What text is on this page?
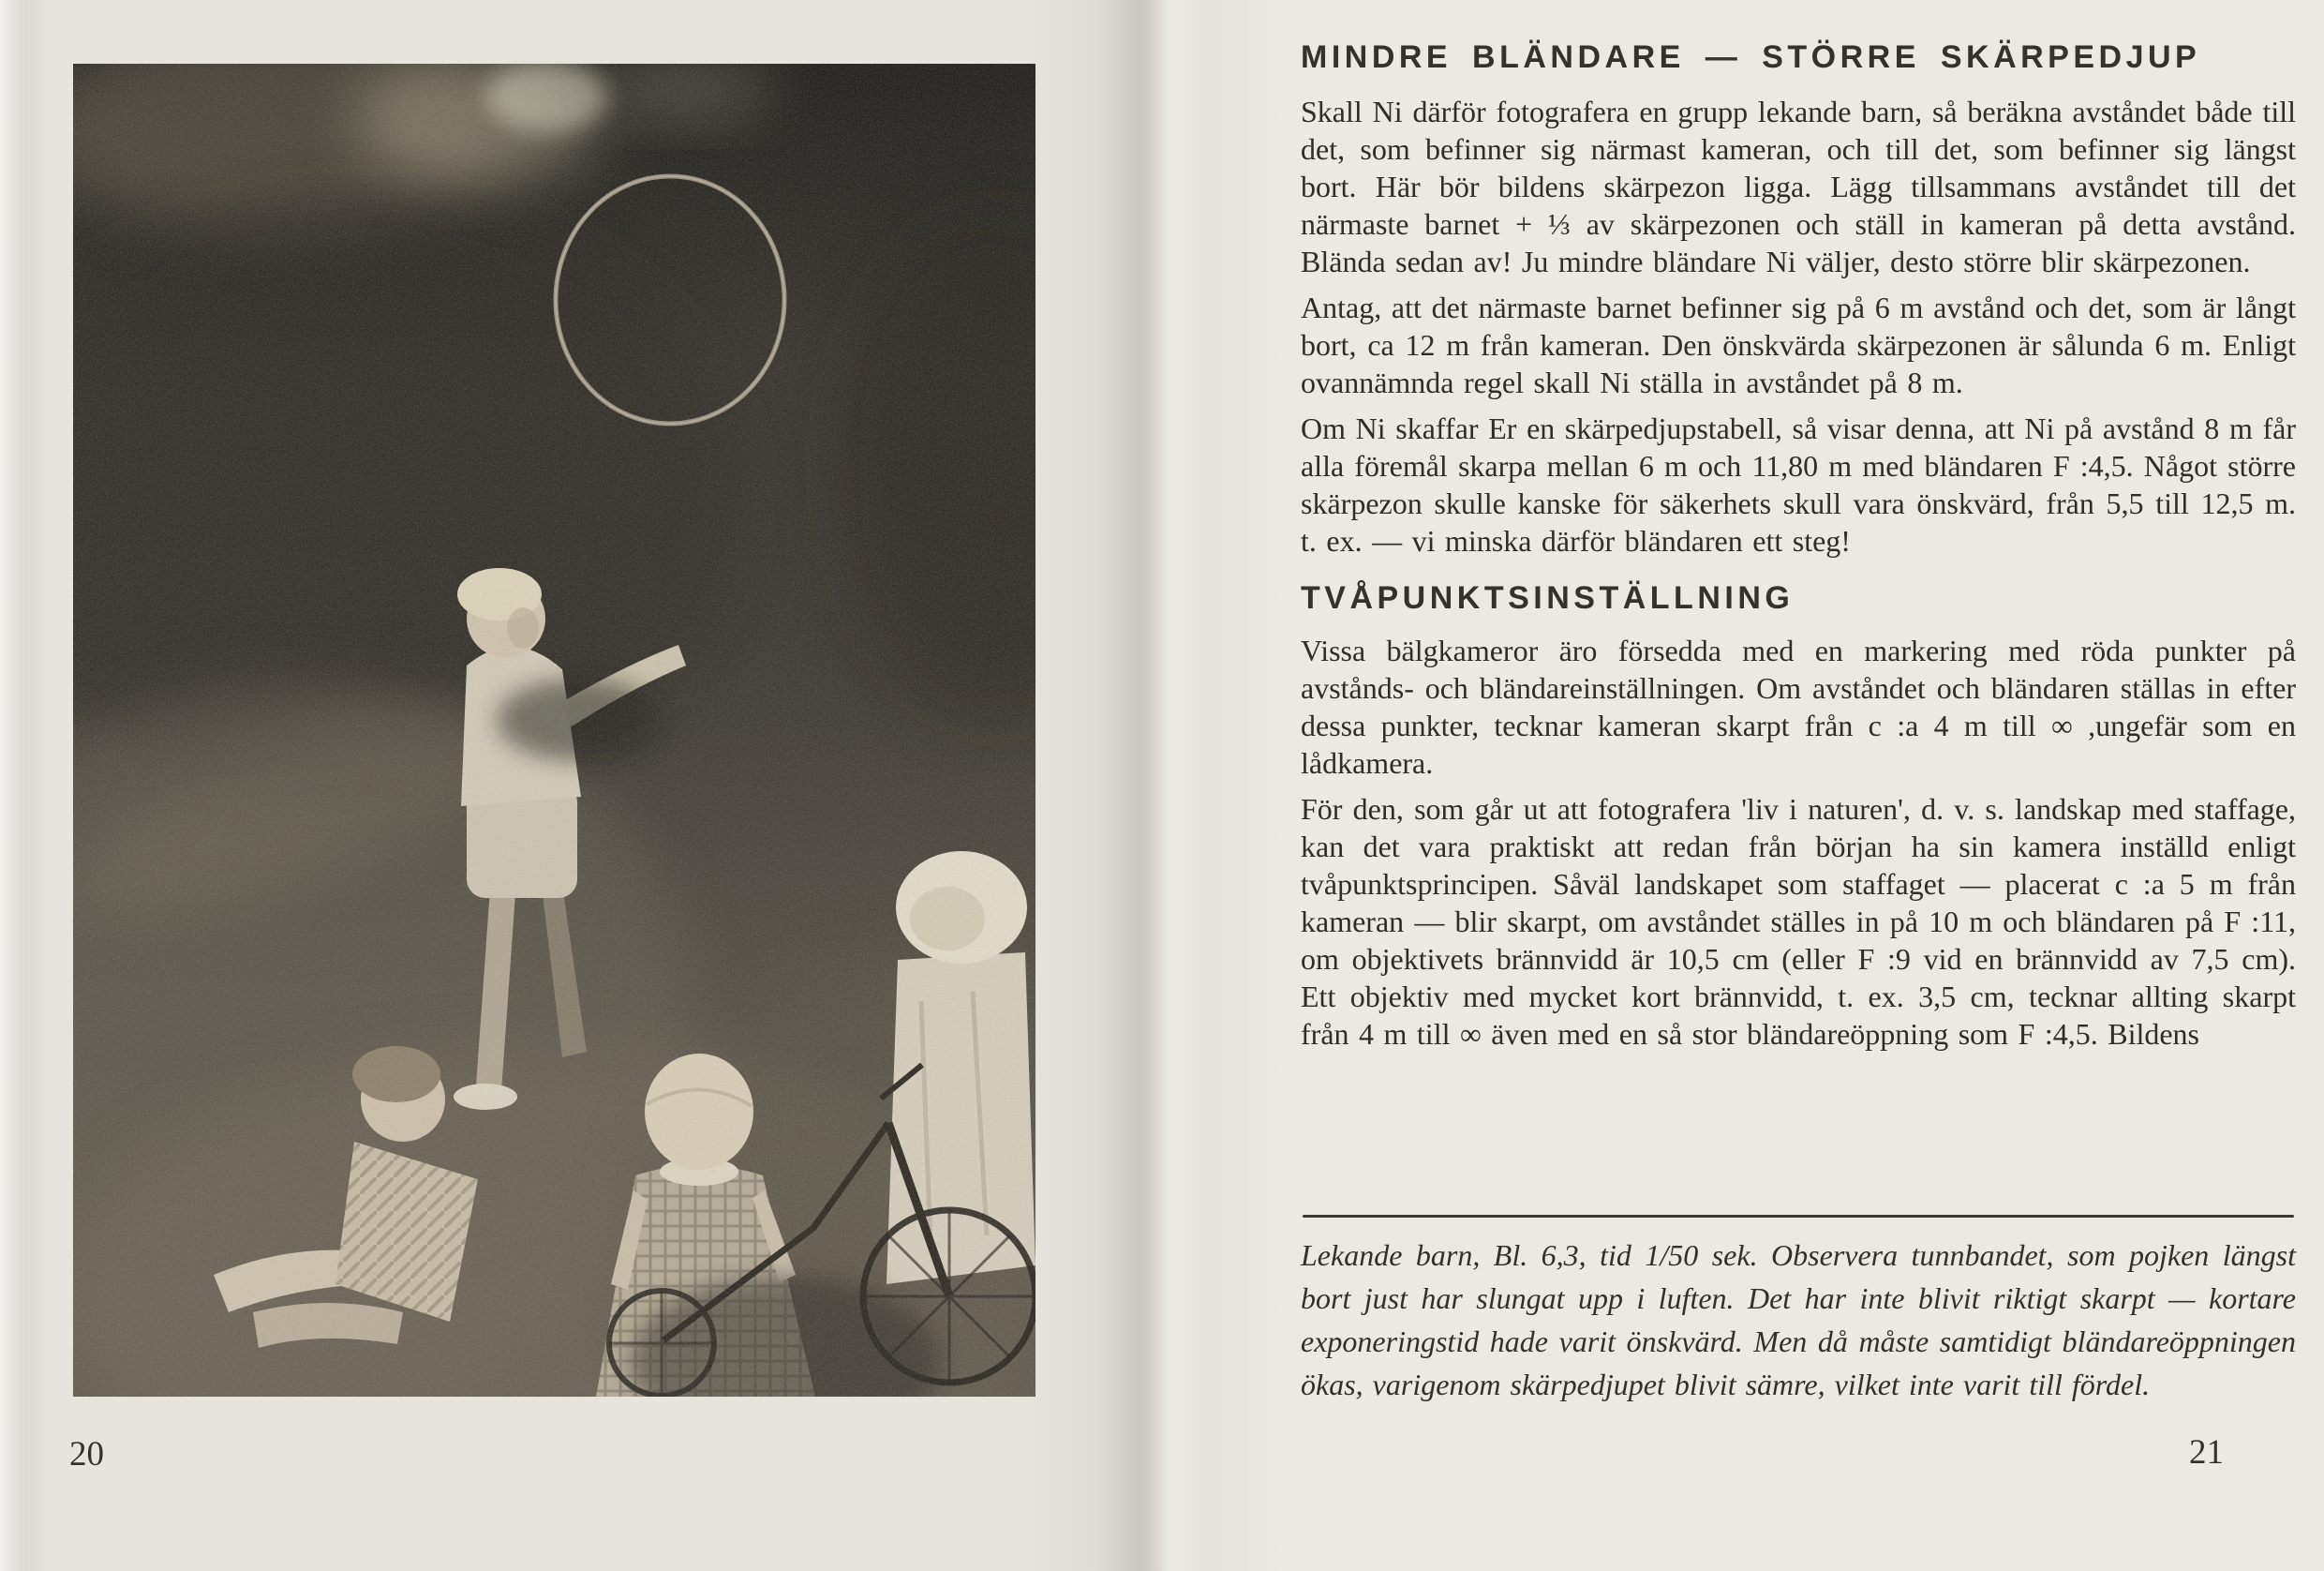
20
MINDRE BLÄNDARE — STÖRRE SKÄRPEDJUP

Skall Ni därför fotografera en grupp lekande barn, så beräkna avståndet både till det, som befinner sig närmast kameran, och till det, som befinner sig längst bort. Här bör bildens skärpezon ligga. Lägg tillsammans avståndet till det närmaste barnet + ⅓ av skärpezonen och ställ in kameran på detta avstånd. Blända sedan av! Ju mindre bländare Ni väljer, desto större blir skärpezonen.

Antag, att det närmaste barnet befinner sig på 6 m avstånd och det, som är långt bort, ca 12 m från kameran. Den önskvärda skärpezonen är sålunda 6 m. Enligt ovannämnda regel skall Ni ställa in avståndet på 8 m.

Om Ni skaffar Er en skärpedjupstabell, så visar denna, att Ni på avstånd 8 m får alla föremål skarpa mellan 6 m och 11,80 m med bländaren F :4,5. Något större skärpezon skulle kanske för säkerhets skull vara önskvärd, från 5,5 till 12,5 m. t. ex. — vi minska därför bländaren ett steg!

TVÅPUNKTSINSTÄLLNING

Vissa bälgkameror äro försedda med en markering med röda punkter på avstånds- och bländareinställningen. Om avståndet och bländaren ställas in efter dessa punkter, tecknar kameran skarpt från c :a 4 m till ∞ ,ungefär som en lådkamera.

För den, som går ut att fotografera 'liv i naturen', d. v. s. landskap med staffage, kan det vara praktiskt att redan från början ha sin kamera inställd enligt tvåpunktsprincipen. Såväl landskapet som staffaget — placerat c :a 5 m från kameran — blir skarpt, om avståndet ställes in på 10 m och bländaren på F :11, om objektivets brännvidd är 10,5 cm (eller F :9 vid en brännvidd av 7,5 cm). Ett objektiv med mycket kort brännvidd, t. ex. 3,5 cm, tecknar allting skarpt från 4 m till ∞ även med en så stor bländareöppning som F :4,5. Bildens

Lekande barn, Bl. 6,3, tid 1/50 sek. Observera tunnbandet, som pojken längst bort just har slungat upp i luften. Det har inte blivit riktigt skarpt — kortare exponeringstid hade varit önskvärd. Men då måste samtidigt bländareöppningen ökas, varigenom skärpedjupet blivit sämre, vilket inte varit till fördel.
21
